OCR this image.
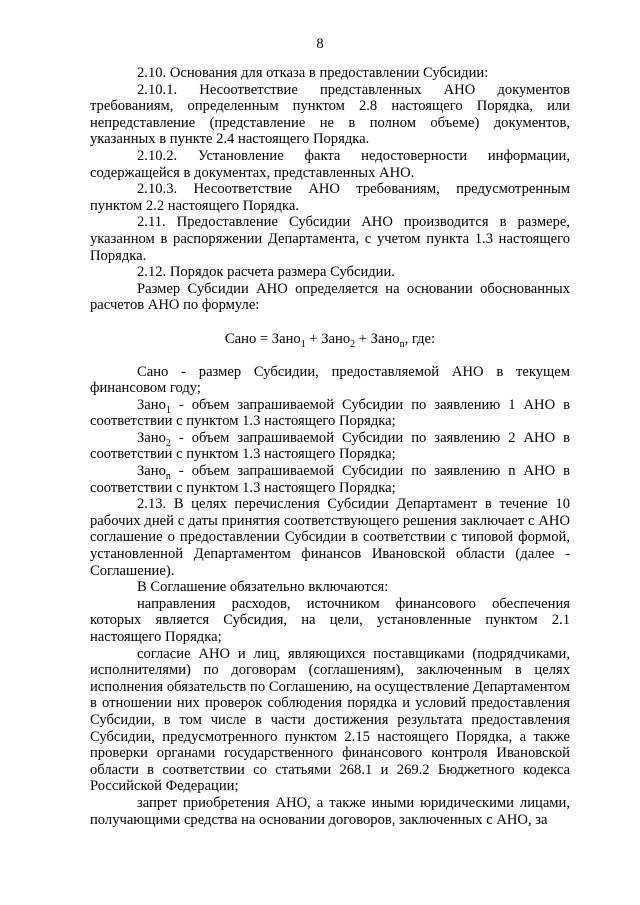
8

2.10. Основания для отказа в предоставлении Субсидии:

2.10.1. Несоответствие представленных АНО документов требованиям, определенным пунктом 2.8 настоящего Порядка, или непредставление (представление не в полном объеме) документов, указанных в пункте 2.4 настоящего Порядка.

2.10.2. Установление факта недостоверности информации, содержащейся в документах, представленных АНО.

2.10.3. Несоответствие АНО требованиям, предусмотренным пунктом 2.2 настоящего Порядка.

2.11. Предоставление Субсидии АНО производится в размере, указанном в распоряжении Департамента, с учетом пункта 1.3 настоящего Порядка.

2.12. Порядок расчета размера Субсидии.

Размер Субсидии АНО определяется на основании обоснованных расчетов АНО по формуле:

Сано = Зано$_1$ + Зано$_2$ + Зано$_n$, где:

Сано - размер Субсидии, предоставляемой АНО в текущем финансовом году;

Зано$_1$ - объем запрашиваемой Субсидии по заявлению 1 АНО в соответствии с пунктом 1.3 настоящего Порядка;

Зано$_2$ - объем запрашиваемой Субсидии по заявлению 2 АНО в соответствии с пунктом 1.3 настоящего Порядка;

Зано$_n$ - объем запрашиваемой Субсидии по заявлению n АНО в соответствии с пунктом 1.3 настоящего Порядка;

2.13. В целях перечисления Субсидии Департамент в течение 10 рабочих дней с даты принятия соответствующего решения заключает с АНО соглашение о предоставлении Субсидии в соответствии с типовой формой, установленной Департаментом финансов Ивановской области (далее - Соглашение).

В Соглашение обязательно включаются:

направления расходов, источником финансового обеспечения которых является Субсидия, на цели, установленные пунктом 2.1 настоящего Порядка;

согласие АНО и лиц, являющихся поставщиками (подрядчиками, исполнителями) по договорам (соглашениям), заключенным в целях исполнения обязательств по Соглашению, на осуществление Департаментом в отношении них проверок соблюдения порядка и условий предоставления Субсидии, в том числе в части достижения результата предоставления Субсидии, предусмотренного пунктом 2.15 настоящего Порядка, а также проверки органами государственного финансового контроля Ивановской области в соответствии со статьями 268.1 и 269.2 Бюджетного кодекса Российской Федерации;

запрет приобретения АНО, а также иными юридическими лицами, получающими средства на основании договоров, заключенных с АНО, за
